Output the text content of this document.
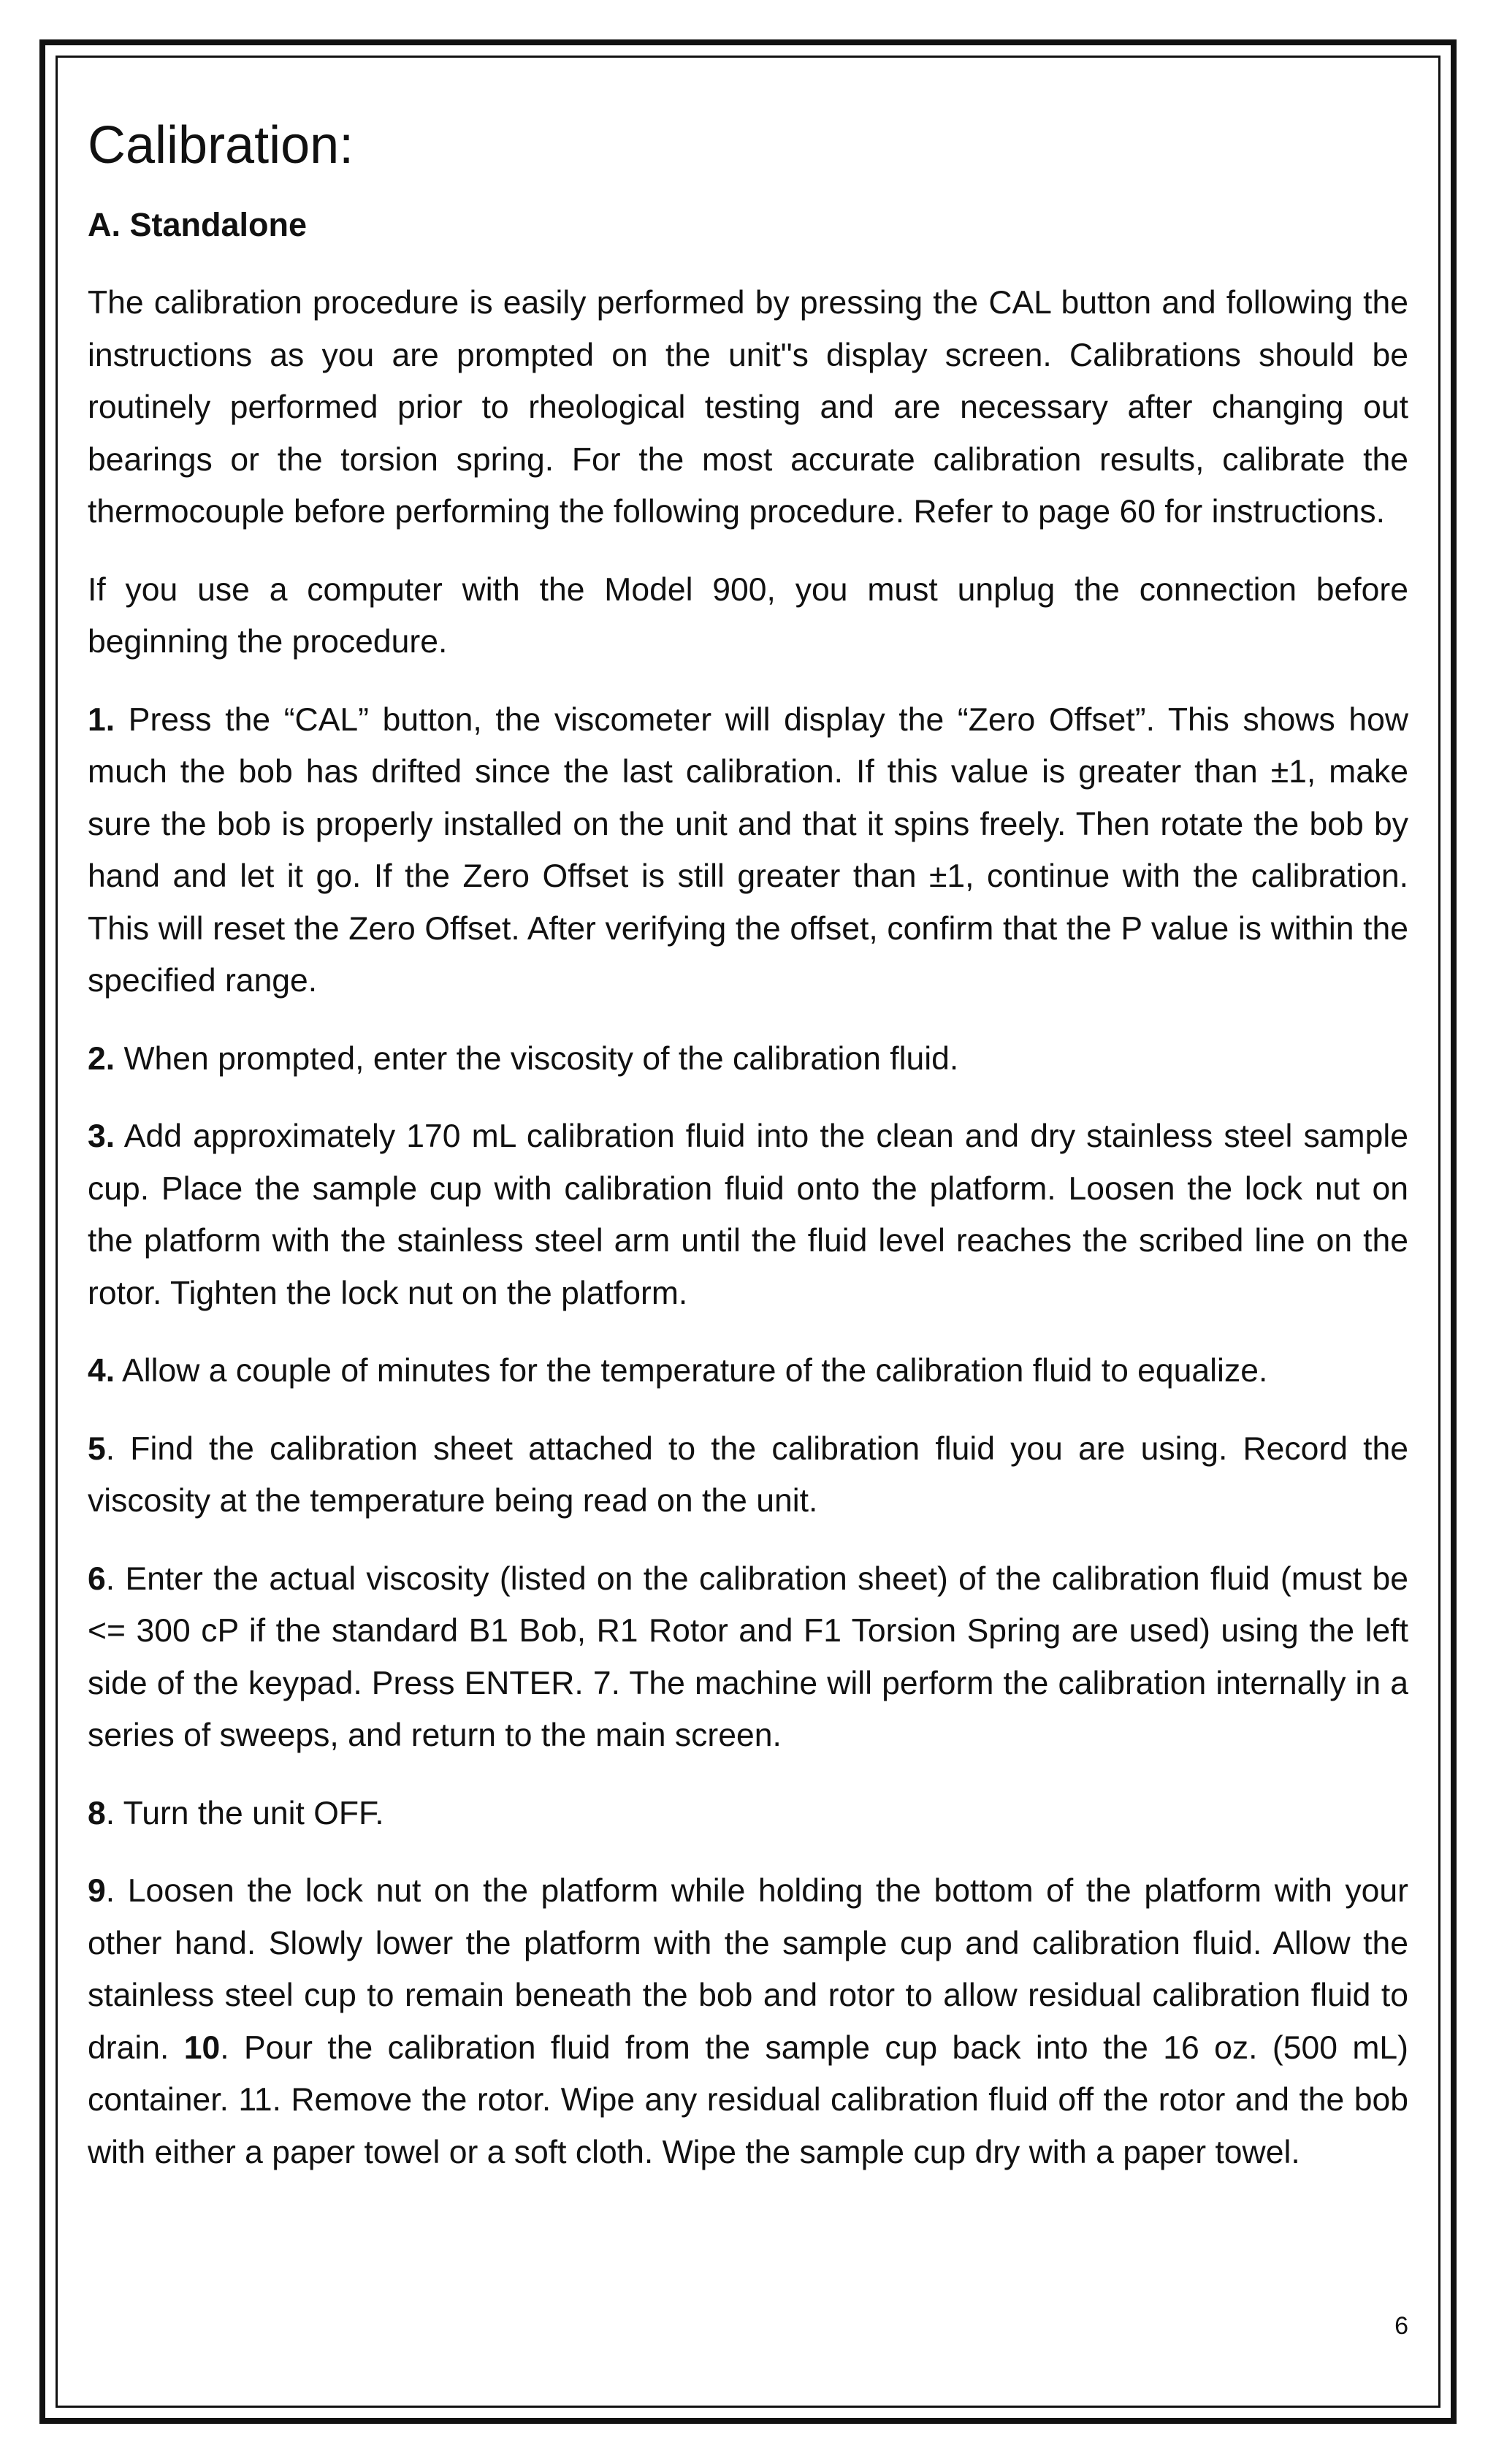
Calibration:
A. Standalone

The calibration procedure is easily performed by pressing the CAL button and following the instructions as you are prompted on the unit"s display screen. Calibrations should be routinely performed prior to rheological testing and are necessary after changing out bearings or the torsion spring. For the most accurate calibration results, calibrate the thermocouple before performing the following procedure. Refer to page 60 for instructions.

If you use a computer with the Model 900, you must unplug the connection before beginning the procedure.

1. Press the “CAL” button, the viscometer will display the “Zero Offset”. This shows how much the bob has drifted since the last calibration. If this value is greater than ±1, make sure the bob is properly installed on the unit and that it spins freely. Then rotate the bob by hand and let it go. If the Zero Offset is still greater than ±1, continue with the calibration. This will reset the Zero Offset. After verifying the offset, confirm that the P value is within the specified range.

2. When prompted, enter the viscosity of the calibration fluid.

3. Add approximately 170 mL calibration fluid into the clean and dry stainless steel sample cup. Place the sample cup with calibration fluid onto the platform. Loosen the lock nut on the platform with the stainless steel arm until the fluid level reaches the scribed line on the rotor. Tighten the lock nut on the platform.

4. Allow a couple of minutes for the temperature of the calibration fluid to equalize.

5. Find the calibration sheet attached to the calibration fluid you are using. Record the viscosity at the temperature being read on the unit.

6. Enter the actual viscosity (listed on the calibration sheet) of the calibration fluid (must be <= 300 cP if the standard B1 Bob, R1 Rotor and F1 Torsion Spring are used) using the left side of the keypad. Press ENTER. 7. The machine will perform the calibration internally in a series of sweeps, and return to the main screen.

8. Turn the unit OFF.

9. Loosen the lock nut on the platform while holding the bottom of the platform with your other hand. Slowly lower the platform with the sample cup and calibration fluid. Allow the stainless steel cup to remain beneath the bob and rotor to allow residual calibration fluid to drain. 10. Pour the calibration fluid from the sample cup back into the 16 oz. (500 mL) container. 11. Remove the rotor. Wipe any residual calibration fluid off the rotor and the bob with either a paper towel or a soft cloth. Wipe the sample cup dry with a paper towel.

6
